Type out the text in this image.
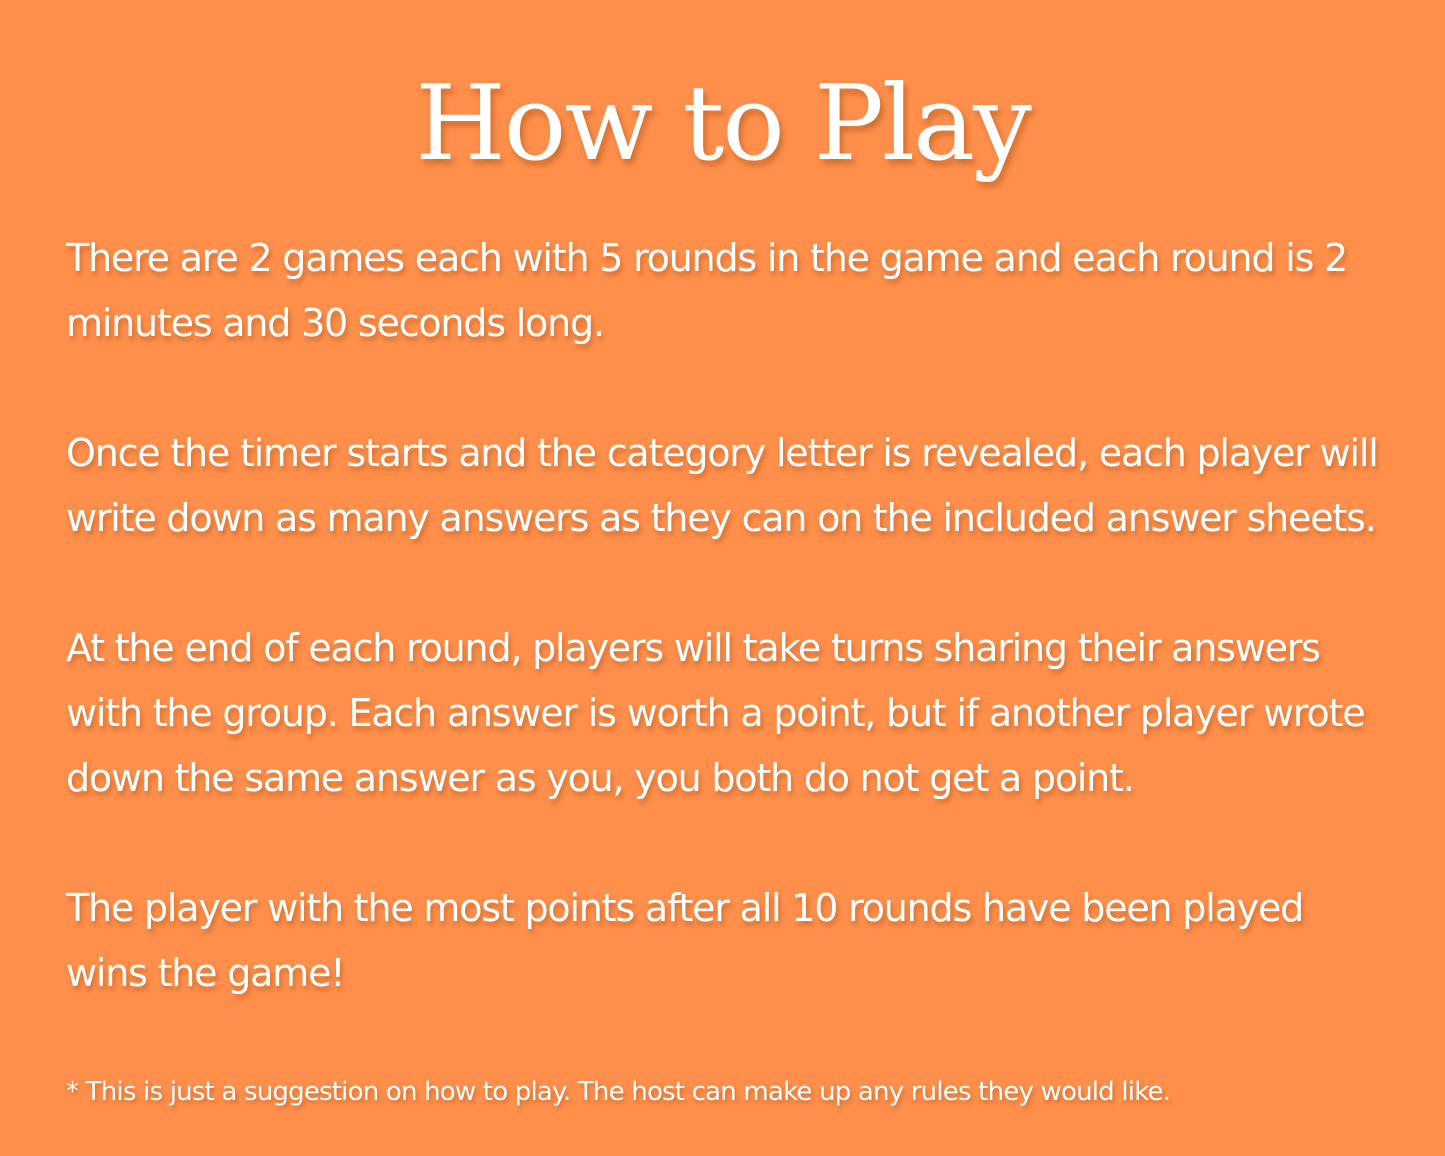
How to Play

There are 2 games each with 5 rounds in the game and each round is 2 minutes and 30 seconds long.

Once the timer starts and the category letter is revealed, each player will write down as many answers as they can on the included answer sheets.

At the end of each round, players will take turns sharing their answers with the group. Each answer is worth a point, but if another player wrote down the same answer as you, you both do not get a point.

The player with the most points after all 10 rounds have been played wins the game!

* This is just a suggestion on how to play. The host can make up any rules they would like.
